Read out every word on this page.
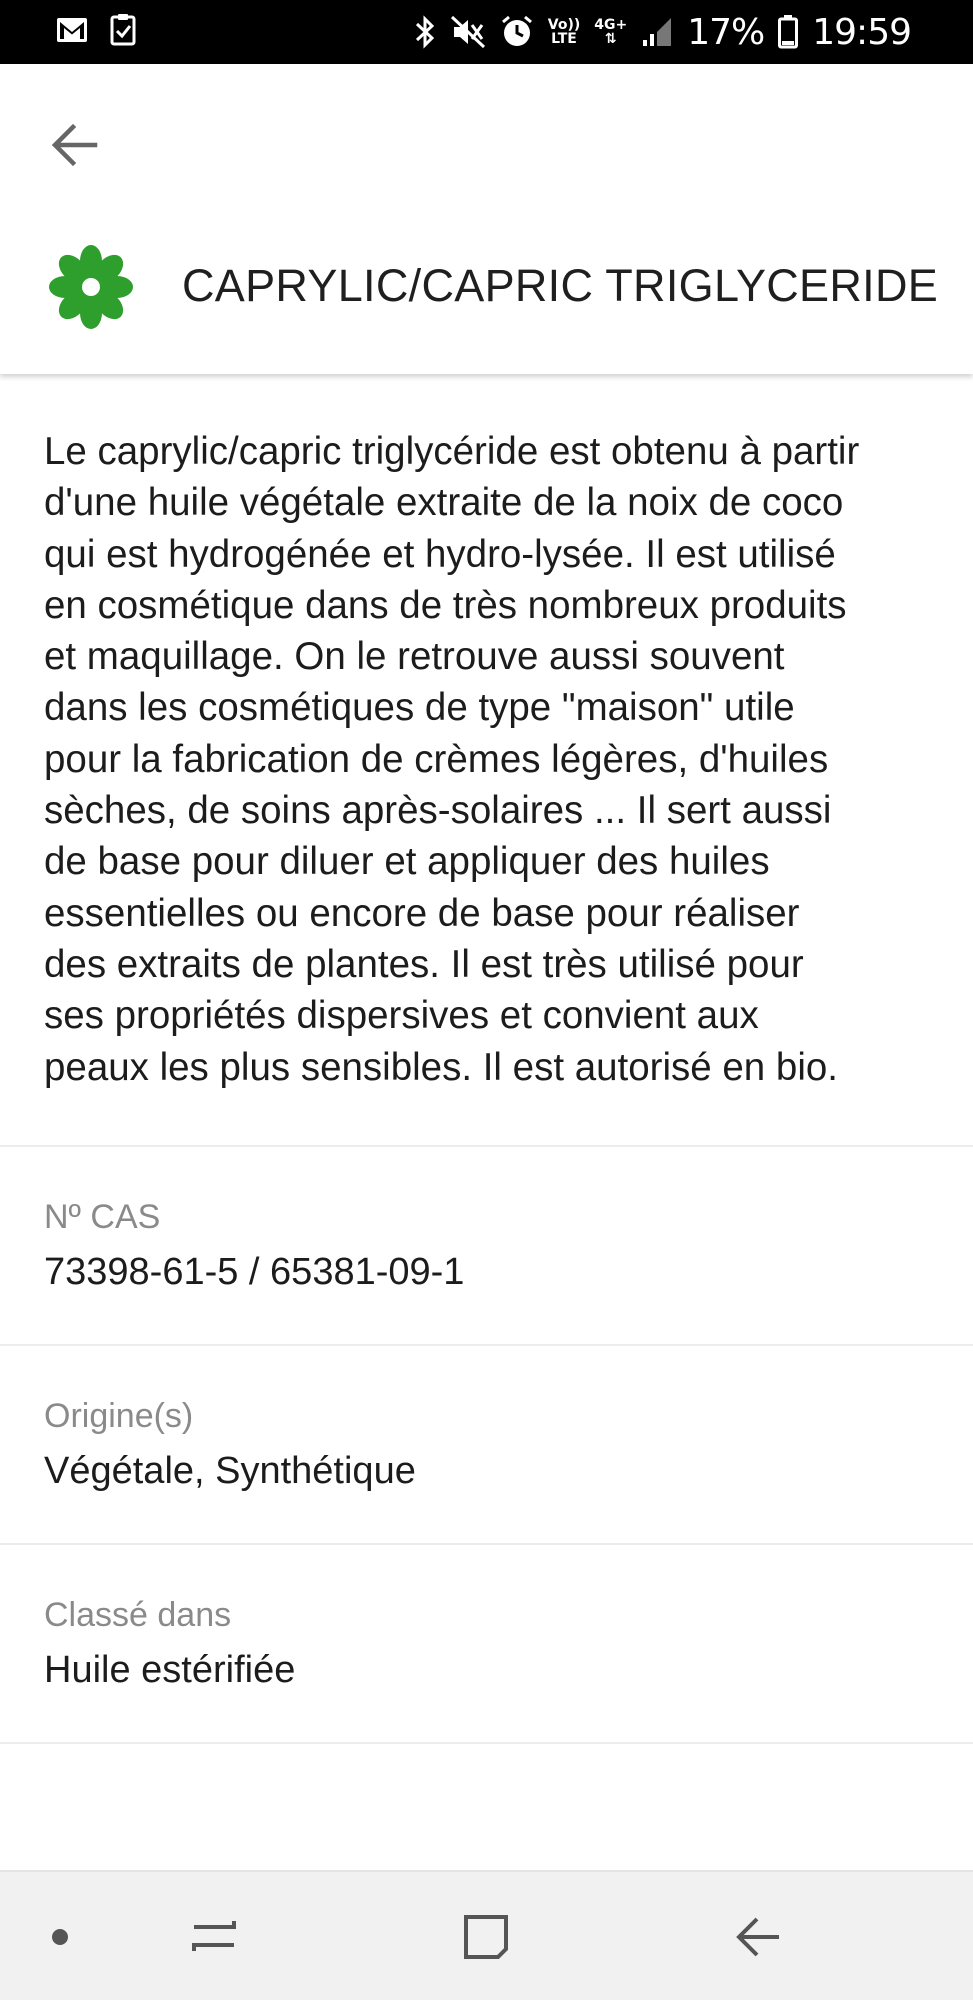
Vo))
LTE
4G+
⇅ 17% 19:59
CAPRYLIC/CAPRIC TRIGLYCERIDE

Le caprylic/capric triglycéride est obtenu à partir d'une huile végétale extraite de la noix de coco qui est hydrogénée et hydro-lysée. Il est utilisé en cosmétique dans de très nombreux produits et maquillage. On le retrouve aussi souvent dans les cosmétiques de type "maison" utile pour la fabrication de crèmes légères, d'huiles sèches, de soins après-solaires ... Il sert aussi de base pour diluer et appliquer des huiles essentielles ou encore de base pour réaliser des extraits de plantes. Il est très utilisé pour ses propriétés dispersives et convient aux peaux les plus sensibles. Il est autorisé en bio.

Nº CAS
73398-61-5 / 65381-09-1
Origine(s)
Végétale, Synthétique
Classé dans
Huile estérifiée
